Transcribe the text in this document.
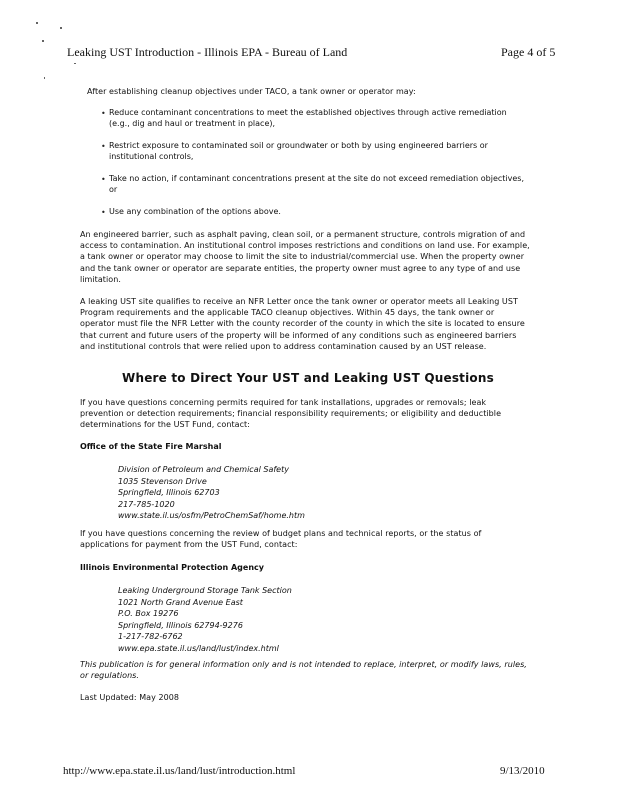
Leaking UST Introduction - Illinois EPA - Bureau of Land	Page 4 of 5
After establishing cleanup objectives under TACO, a tank owner or operator may:
• Reduce contaminant concentrations to meet the established objectives through active remediation (e.g., dig and haul or treatment in place),
• Restrict exposure to contaminated soil or groundwater or both by using engineered barriers or institutional controls,
• Take no action, if contaminant concentrations present at the site do not exceed remediation objectives, or
• Use any combination of the options above.
An engineered barrier, such as asphalt paving, clean soil, or a permanent structure, controls migration of and access to contamination. An institutional control imposes restrictions and conditions on land use. For example, a tank owner or operator may choose to limit the site to industrial/commercial use. When the property owner and the tank owner or operator are separate entities, the property owner must agree to any type of and use limitation.
A leaking UST site qualifies to receive an NFR Letter once the tank owner or operator meets all Leaking UST Program requirements and the applicable TACO cleanup objectives. Within 45 days, the tank owner or operator must file the NFR Letter with the county recorder of the county in which the site is located to ensure that current and future users of the property will be informed of any conditions such as engineered barriers and institutional controls that were relied upon to address contamination caused by an UST release.
Where to Direct Your UST and Leaking UST Questions
If you have questions concerning permits required for tank installations, upgrades or removals; leak prevention or detection requirements; financial responsibility requirements; or eligibility and deductible determinations for the UST Fund, contact:
Office of the State Fire Marshal
Division of Petroleum and Chemical Safety
1035 Stevenson Drive
Springfield, Illinois 62703
217-785-1020
www.state.il.us/osfm/PetroChemSaf/home.htm
If you have questions concerning the review of budget plans and technical reports, or the status of applications for payment from the UST Fund, contact:
Illinois Environmental Protection Agency
Leaking Underground Storage Tank Section
1021 North Grand Avenue East
P.O. Box 19276
Springfield, Illinois 62794-9276
1-217-782-6762
www.epa.state.il.us/land/lust/index.html
This publication is for general information only and is not intended to replace, interpret, or modify laws, rules, or regulations.
Last Updated: May 2008
http://www.epa.state.il.us/land/lust/introduction.html	9/13/2010
